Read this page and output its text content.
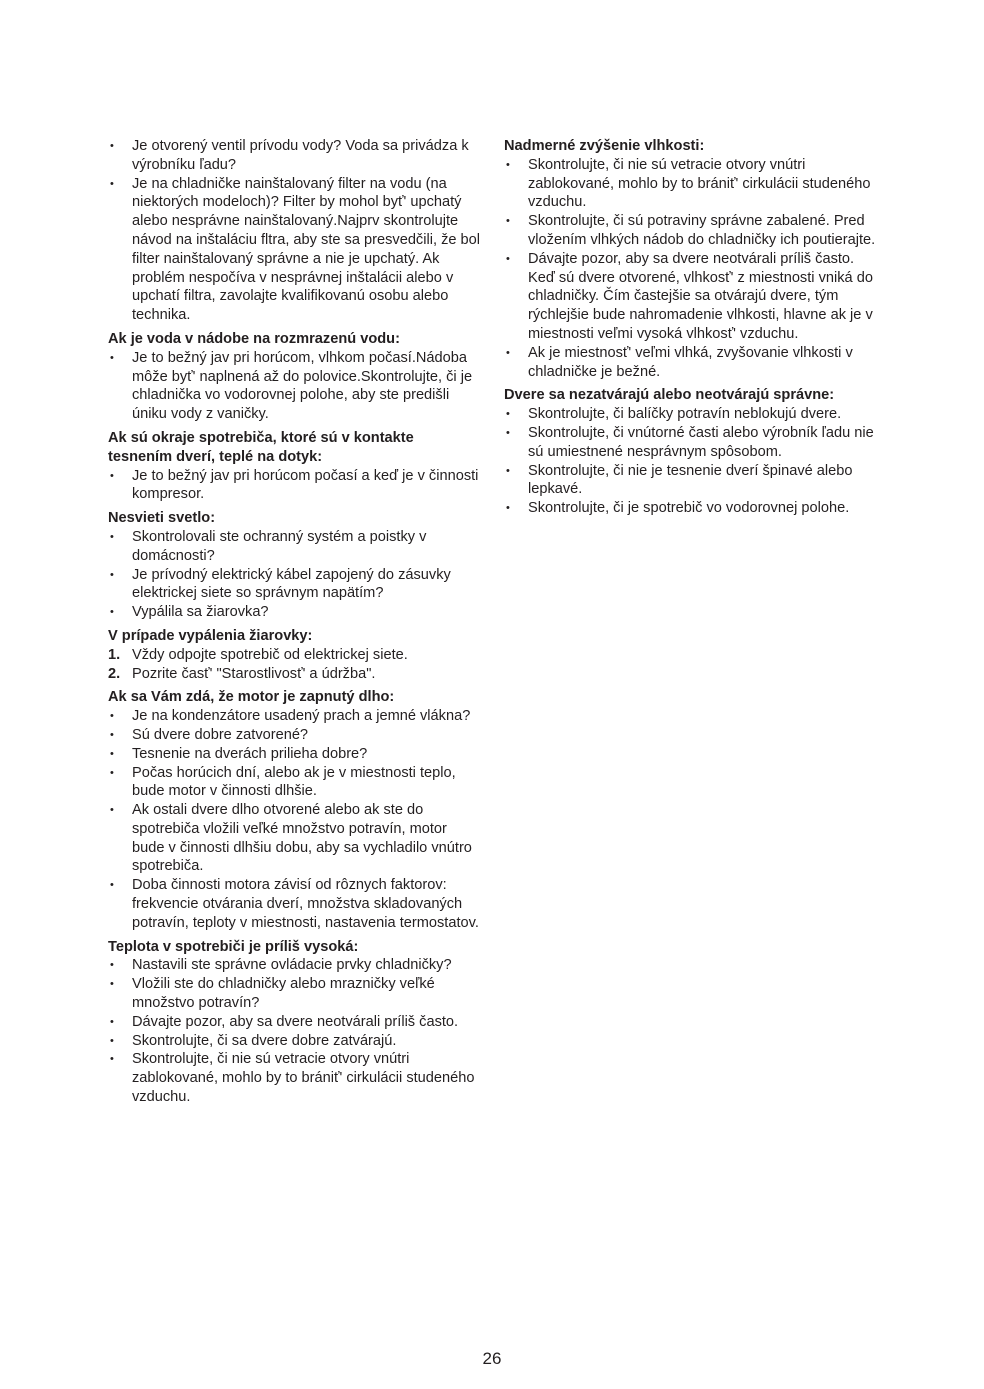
•	Je otvorený ventil prívodu vody? Voda sa privádza k výrobníku ľadu?
•	Je na chladničke nainštalovaný filter na vodu (na niektorých modeloch)? Filter by mohol byť' upchatý alebo nesprávne nainštalovaný.Najprv skontrolujte návod na inštaláciu fltra, aby ste sa presvedčili, že bol filter nainštalovaný správne a nie je upchatý. Ak problém nespočíva v nesprávnej inštalácii alebo v upchatí filtra, zavolajte kvalifikovanú osobu alebo technika.
Ak je voda v nádobe na rozmrazenú vodu:
•	Je to bežný jav pri horúcom, vlhkom počasí.Nádoba môže byť' naplnená až do polovice.Skontrolujte, či je chladnička vo vodorovnej polohe, aby ste predišli úniku vody z vaničky.
Ak sú okraje spotrebiča, ktoré sú v kontakte tesnením dverí, teplé na dotyk:
•	Je to bežný jav pri horúcom počasí a keď je v činnosti kompresor.
Nesvieti svetlo:
•	Skontrolovali ste ochranný systém a poistky v domácnosti?
•	Je prívodný elektrický kábel zapojený do zásuvky elektrickej siete so správnym napätím?
•	Vypálila sa žiarovka?
V prípade vypálenia žiarovky:
1. Vždy odpojte spotrebič od elektrickej siete.
2. Pozrite časť' "Starostlivosť' a údržba".
Ak sa Vám zdá, že motor je zapnutý dlho:
•	Je na kondenzátore usadený prach a jemné vlákna?
•	Sú dvere dobre zatvorené?
•	Tesnenie na dverách prilieha dobre?
•	Počas horúcich dní, alebo ak je v miestnosti teplo, bude motor v činnosti dlhšie.
•	Ak ostali dvere dlho otvorené alebo ak ste do spotrebiča vložili veľké množstvo potravín, motor bude v činnosti dlhšiu dobu, aby sa vychladilo vnútro spotrebiča.
•	Doba činnosti motora závisí od rôznych faktorov: frekvencie otvárania dverí, množstva skladovaných potravín, teploty v miestnosti, nastavenia termostatov.
Teplota v spotrebiči je príliš vysoká:
•	Nastavili ste správne ovládacie prvky chladničky?
•	Vložili ste do chladničky alebo mrazničky veľké množstvo potravín?
•	Dávajte pozor, aby sa dvere neotvárali príliš často.
•	Skontrolujte, či sa dvere dobre zatvárajú.
•	Skontrolujte, či nie sú vetracie otvory vnútri zablokované, mohlo by to brániť' cirkulácii studeného vzduchu.
Nadmerné zvýšenie vlhkosti:
•	Skontrolujte, či nie sú vetracie otvory vnútri zablokované, mohlo by to brániť' cirkulácii studeného vzduchu.
•	Skontrolujte, či sú potraviny správne zabalené. Pred vložením vlhkých nádob do chladničky ich poutierajte.
•	Dávajte pozor, aby sa dvere neotvárali príliš často. Keď sú dvere otvorené, vlhkosť' z miestnosti vniká do chladničky. Čím častejšie sa otvárajú dvere, tým rýchlejšie bude nahromadenie vlhkosti, hlavne ak je v miestnosti veľmi vysoká vlhkosť' vzduchu.
•	Ak je miestnosť' veľmi vlhká, zvyšovanie vlhkosti v chladničke je bežné.
Dvere sa nezatvárajú alebo neotvárajú správne:
•	Skontrolujte, či balíčky potravín neblokujú dvere.
•	Skontrolujte, či vnútorné časti alebo výrobník ľadu nie sú umiestnené nesprávnym spôsobom.
•	Skontrolujte, či nie je tesnenie dverí špinavé alebo lepkavé.
•	Skontrolujte, či je spotrebič vo vodorovnej polohe.
26
